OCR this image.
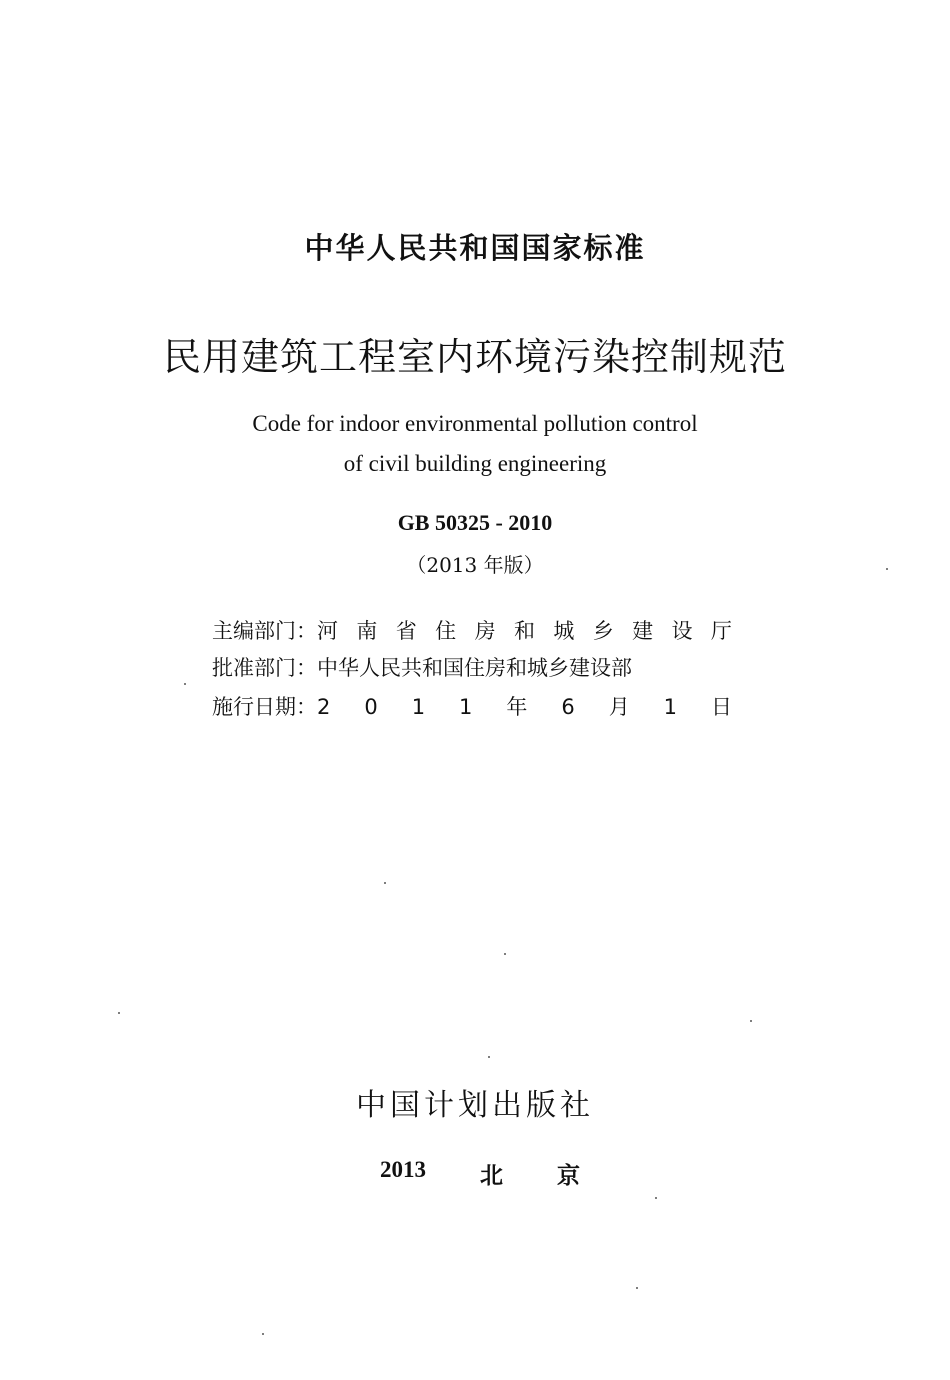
中华人民共和国国家标准
民用建筑工程室内环境污染控制规范
Code for indoor environmental pollution control
of civil building engineering
GB 50325 - 2010
（2013 年版）
主编部门： 河 南 省 住 房 和 城 乡 建 设 厅
批准部门： 中华人民共和国住房和城乡建设部
施行日期： 2 0 1 1 年 6 月 1 日
中国计划出版社
2013 北 京
